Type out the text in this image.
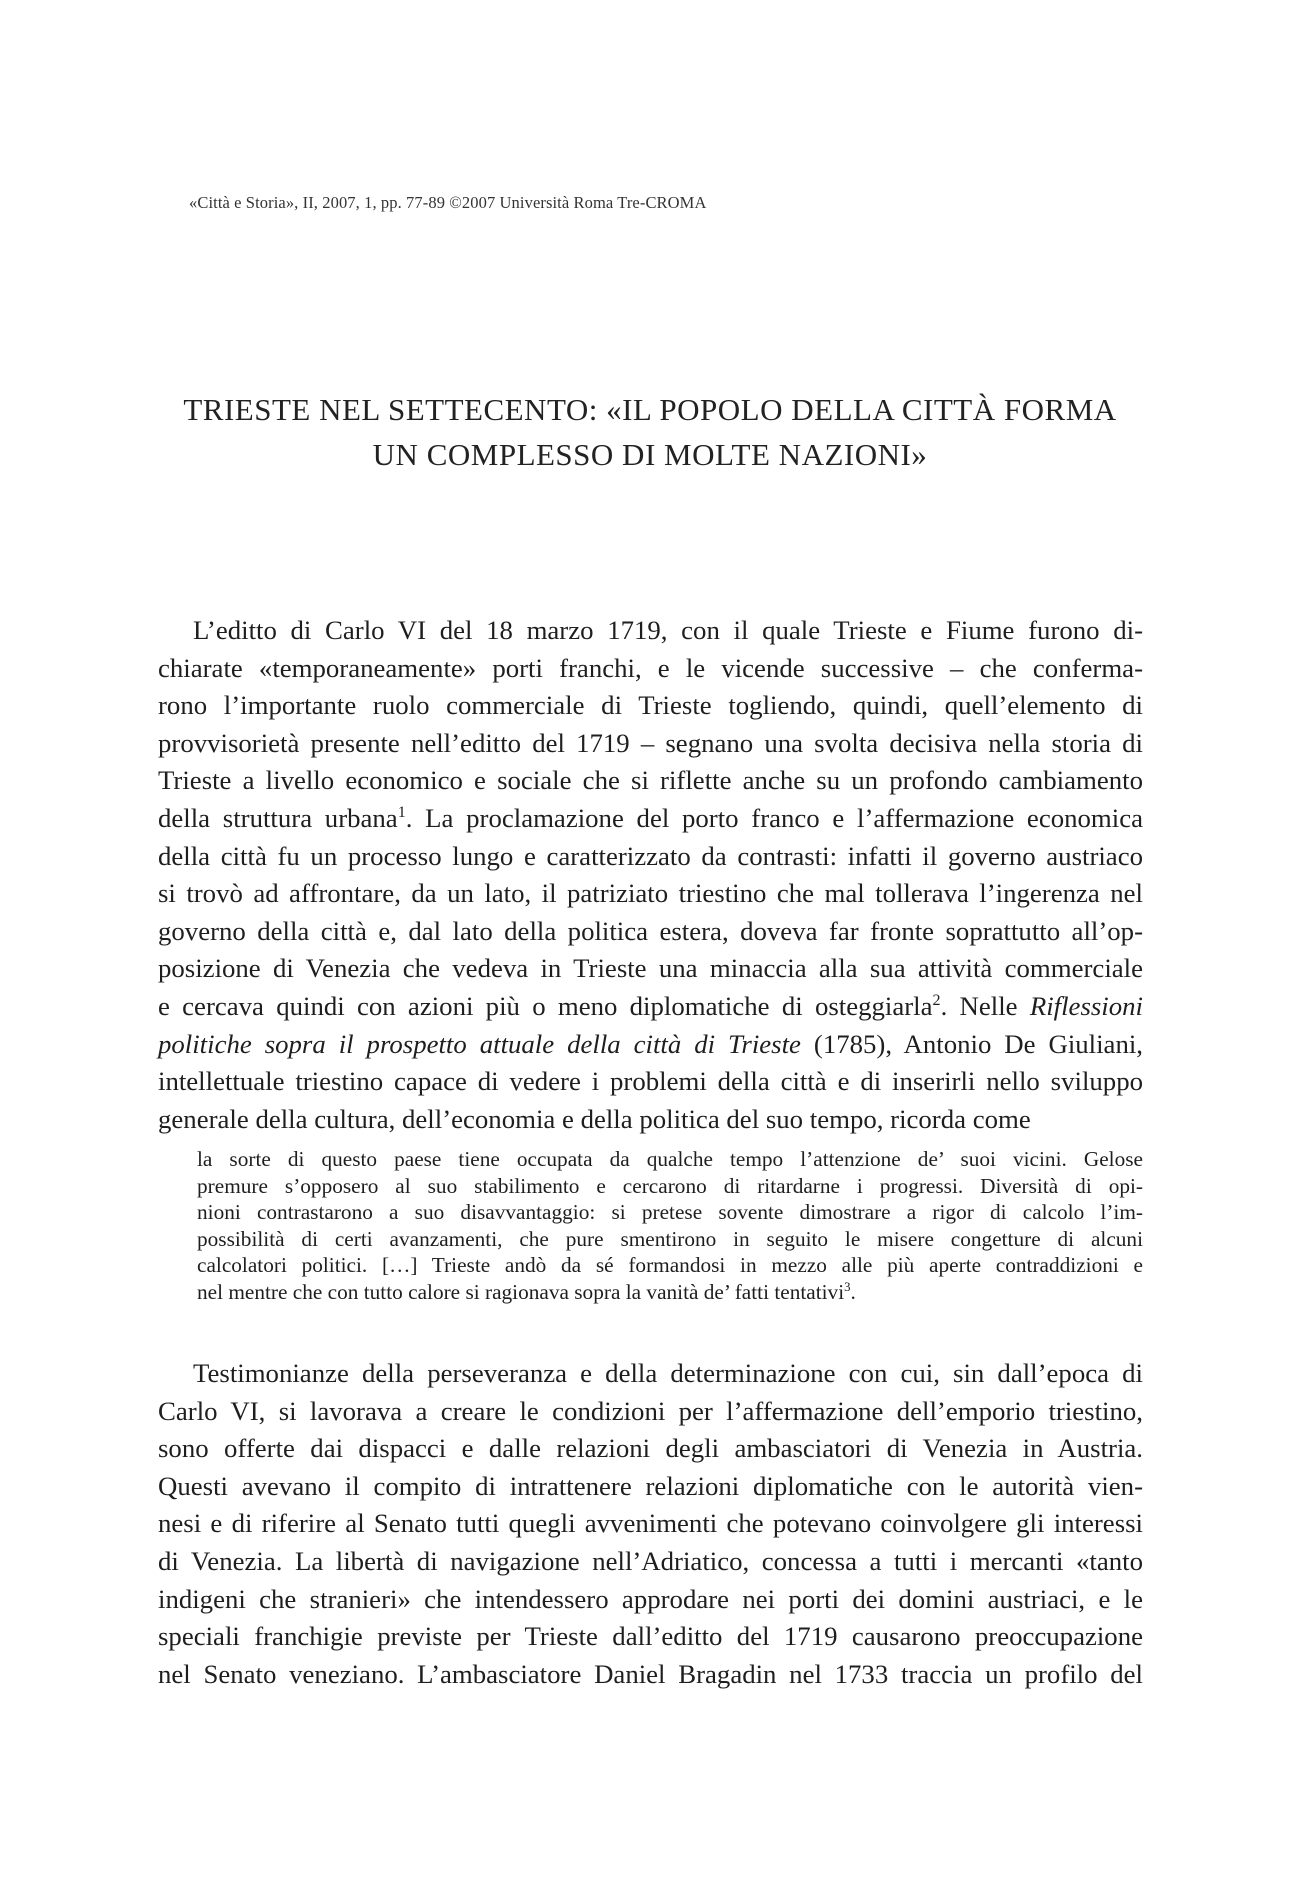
«Città e Storia», II, 2007, 1, pp. 77-89 ©2007 Università Roma Tre-CROMA
TRIESTE NEL SETTECENTO: «IL POPOLO DELLA CITTÀ FORMA
UN COMPLESSO DI MOLTE NAZIONI»
L’editto di Carlo VI del 18 marzo 1719, con il quale Trieste e Fiume furono di-
chiarate «temporaneamente» porti franchi, e le vicende successive – che conferma-
rono l’importante ruolo commerciale di Trieste togliendo, quindi, quell’elemento di
provvisorietà presente nell’editto del 1719 – segnano una svolta decisiva nella storia di
Trieste a livello economico e sociale che si riflette anche su un profondo cambiamento
della struttura urbana$^1$. La proclamazione del porto franco e l’affermazione economica
della città fu un processo lungo e caratterizzato da contrasti: infatti il governo austriaco
si trovò ad affrontare, da un lato, il patriziato triestino che mal tollerava l’ingerenza nel
governo della città e, dal lato della politica estera, doveva far fronte soprattutto all’op-
posizione di Venezia che vedeva in Trieste una minaccia alla sua attività commerciale
e cercava quindi con azioni più o meno diplomatiche di osteggiarla$^2$. Nelle Riflessioni
politiche sopra il prospetto attuale della città di Trieste (1785), Antonio De Giuliani,
intellettuale triestino capace di vedere i problemi della città e di inserirli nello sviluppo
generale della cultura, dell’economia e della politica del suo tempo, ricorda come
la sorte di questo paese tiene occupata da qualche tempo l’attenzione de’ suoi vicini. Gelose
premure s’opposero al suo stabilimento e cercarono di ritardarne i progressi. Diversità di opi-
nioni contrastarono a suo disavvantaggio: si pretese sovente dimostrare a rigor di calcolo l’im-
possibilità di certi avanzamenti, che pure smentirono in seguito le misere congetture di alcuni
calcolatori politici. […] Trieste andò da sé formandosi in mezzo alle più aperte contraddizioni e
nel mentre che con tutto calore si ragionava sopra la vanità de’ fatti tentativi$^3$.
Testimonianze della perseveranza e della determinazione con cui, sin dall’epoca di
Carlo VI, si lavorava a creare le condizioni per l’affermazione dell’emporio triestino,
sono offerte dai dispacci e dalle relazioni degli ambasciatori di Venezia in Austria.
Questi avevano il compito di intrattenere relazioni diplomatiche con le autorità vien-
nesi e di riferire al Senato tutti quegli avvenimenti che potevano coinvolgere gli interessi
di Venezia. La libertà di navigazione nell’Adriatico, concessa a tutti i mercanti «tanto
indigeni che stranieri» che intendessero approdare nei porti dei domini austriaci, e le
speciali franchigie previste per Trieste dall’editto del 1719 causarono preoccupazione
nel Senato veneziano. L’ambasciatore Daniel Bragadin nel 1733 traccia un profilo del
